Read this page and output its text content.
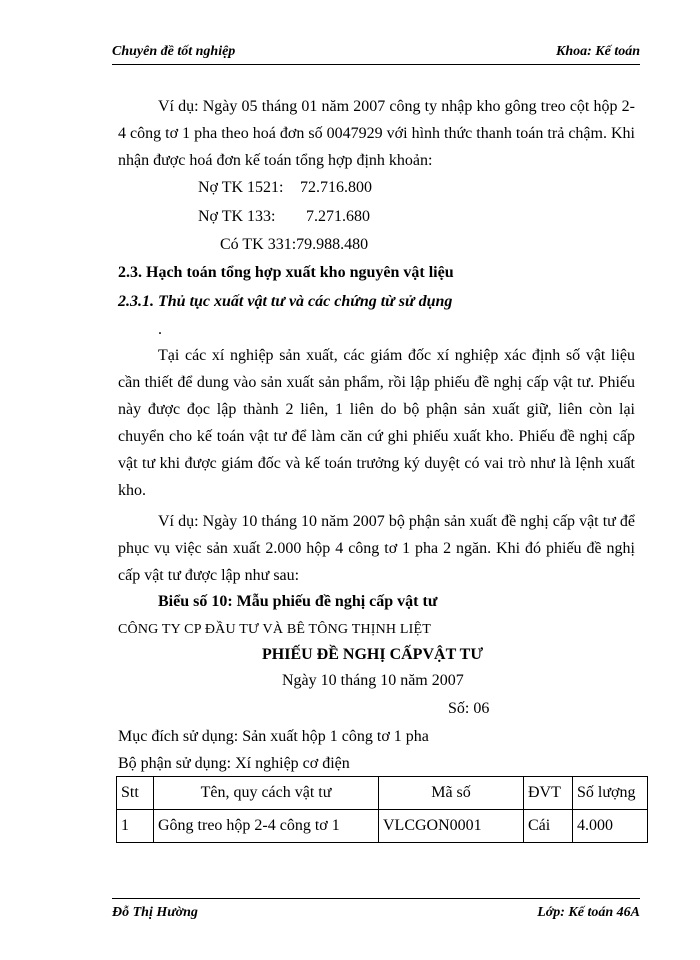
Chuyên đề tốt nghiệp	Khoa: Kế toán

Ví dụ: Ngày 05 tháng 01 năm 2007 công ty nhập kho gông treo cột hộp 2-4 công tơ 1 pha theo hoá đơn số 0047929 với hình thức thanh toán trả chậm. Khi nhận được hoá đơn kế toán tổng hợp định khoản:

Nợ TK 1521: 72.716.800

Nợ TK 133: 7.271.680

Có TK 331:79.988.480

2.3. Hạch toán tổng hợp xuất kho nguyên vật liệu

2.3.1. Thủ tục xuất vật tư và các chứng từ sử dụng

.

Tại các xí nghiệp sản xuất, các giám đốc xí nghiệp xác định số vật liệu cần thiết để dung vào sản xuất sản phẩm, rồi lập phiếu đề nghị cấp vật tư. Phiếu này được đọc lập thành 2 liên, 1 liên do bộ phận sản xuất giữ, liên còn lại chuyển cho kế toán vật tư để làm căn cứ ghi phiếu xuất kho. Phiếu đề nghị cấp vật tư khi được giám đốc và kế toán trưởng ký duyệt có vai trò như là lệnh xuất kho.

Ví dụ: Ngày 10 tháng 10 năm 2007 bộ phận sản xuất đề nghị cấp vật tư để phục vụ việc sản xuất 2.000 hộp 4 công tơ 1 pha 2 ngăn. Khi đó phiếu đề nghị cấp vật tư được lập như sau:

Biểu số 10: Mẫu phiếu đề nghị cấp vật tư

CÔNG TY CP ĐẦU TƯ VÀ BÊ TÔNG THỊNH LIỆT

PHIẾU ĐỀ NGHỊ CẤPVẬT TƯ

Ngày 10 tháng 10 năm 2007

Số: 06

Mục đích sử dụng: Sản xuất hộp 1 công tơ 1 pha

Bộ phận sử dụng: Xí nghiệp cơ điện

Stt	Tên, quy cách vật tư	Mã số	ĐVT	Số lượng
1	Gông treo hộp 2-4 công tơ 1	VLCGON0001	Cái	4.000
Đỗ Thị Hường	Lớp: Kế toán 46A
